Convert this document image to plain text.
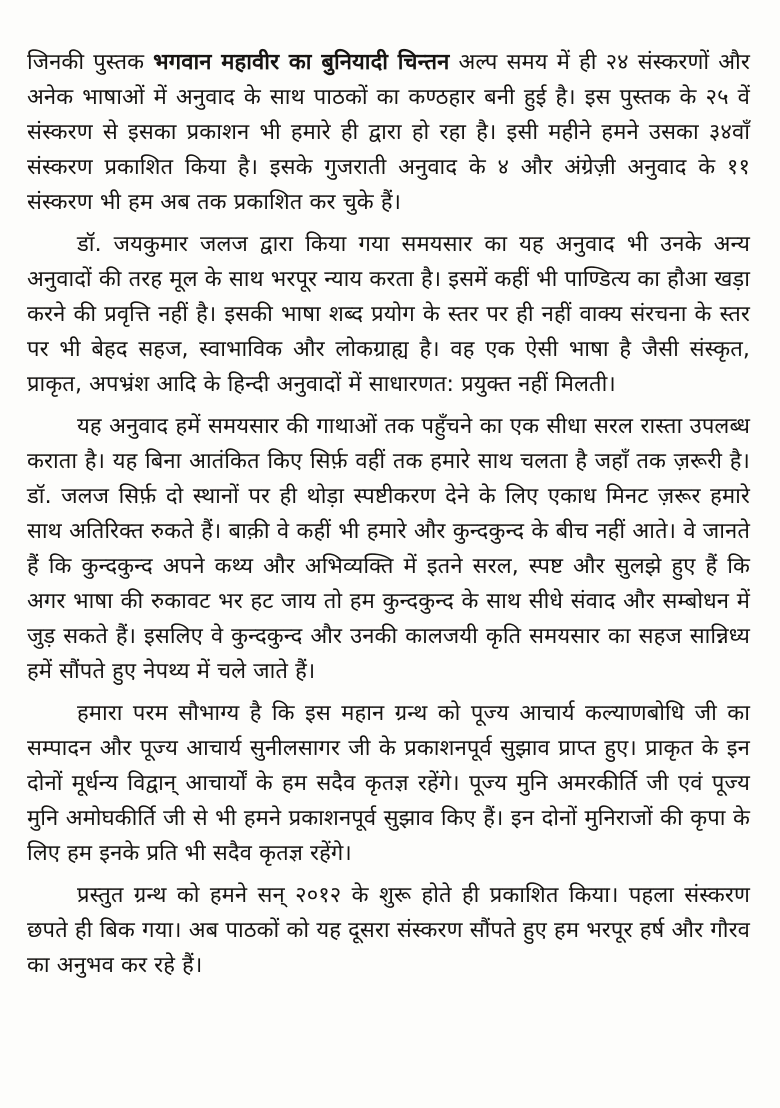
जिनकी पुस्तक भगवान महावीर का बुनियादी चिन्तन अल्प समय में ही २४ संस्करणों और अनेक भाषाओं में अनुवाद के साथ पाठकों का कण्ठहार बनी हुई है। इस पुस्तक के २५ वें संस्करण से इसका प्रकाशन भी हमारे ही द्वारा हो रहा है। इसी महीने हमने उसका ३४वाँ संस्करण प्रकाशित किया है। इसके गुजराती अनुवाद के ४ और अंग्रेज़ी अनुवाद के ११ संस्करण भी हम अब तक प्रकाशित कर चुके हैं।

डॉ. जयकुमार जलज द्वारा किया गया समयसार का यह अनुवाद भी उनके अन्य अनुवादों की तरह मूल के साथ भरपूर न्याय करता है। इसमें कहीं भी पाण्डित्य का हौआ खड़ा करने की प्रवृत्ति नहीं है। इसकी भाषा शब्द प्रयोग के स्तर पर ही नहीं वाक्य संरचना के स्तर पर भी बेहद सहज, स्वाभाविक और लोकग्राह्य है। वह एक ऐसी भाषा है जैसी संस्कृत, प्राकृत, अपभ्रंश आदि के हिन्दी अनुवादों में साधारणत: प्रयुक्त नहीं मिलती।

यह अनुवाद हमें समयसार की गाथाओं तक पहुँचने का एक सीधा सरल रास्ता उपलब्ध कराता है। यह बिना आतंकित किए सिर्फ़ वहीं तक हमारे साथ चलता है जहाँ तक ज़रूरी है। डॉ. जलज सिर्फ़ दो स्थानों पर ही थोड़ा स्पष्टीकरण देने के लिए एकाध मिनट ज़रूर हमारे साथ अतिरिक्त रुकते हैं। बाक़ी वे कहीं भी हमारे और कुन्दकुन्द के बीच नहीं आते। वे जानते हैं कि कुन्दकुन्द अपने कथ्य और अभिव्यक्ति में इतने सरल, स्पष्ट और सुलझे हुए हैं कि अगर भाषा की रुकावट भर हट जाय तो हम कुन्दकुन्द के साथ सीधे संवाद और सम्बोधन में जुड़ सकते हैं। इसलिए वे कुन्दकुन्द और उनकी कालजयी कृति समयसार का सहज सान्निध्य हमें सौंपते हुए नेपथ्य में चले जाते हैं।

हमारा परम सौभाग्य है कि इस महान ग्रन्थ को पूज्य आचार्य कल्याणबोधि जी का सम्पादन और पूज्य आचार्य सुनीलसागर जी के प्रकाशनपूर्व सुझाव प्राप्त हुए। प्राकृत के इन दोनों मूर्धन्य विद्वान् आचार्यों के हम सदैव कृतज्ञ रहेंगे। पूज्य मुनि अमरकीर्ति जी एवं पूज्य मुनि अमोघकीर्ति जी से भी हमने प्रकाशनपूर्व सुझाव किए हैं। इन दोनों मुनिराजों की कृपा के लिए हम इनके प्रति भी सदैव कृतज्ञ रहेंगे।

प्रस्तुत ग्रन्थ को हमने सन् २०१२ के शुरू होते ही प्रकाशित किया। पहला संस्करण छपते ही बिक गया। अब पाठकों को यह दूसरा संस्करण सौंपते हुए हम भरपूर हर्ष और गौरव का अनुभव कर रहे हैं।
